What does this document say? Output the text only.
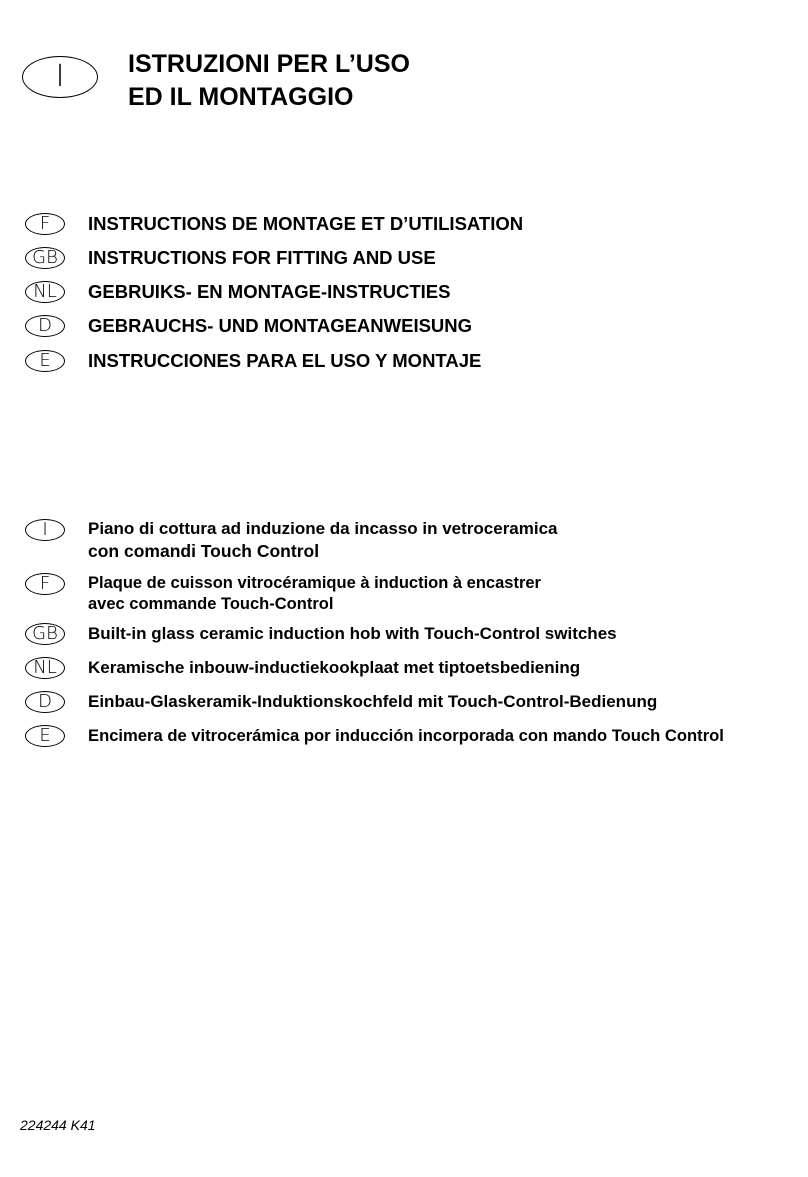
I	ISTRUZIONI PER L’USO
ED IL MONTAGGIO
F INSTRUCTIONS DE MONTAGE ET D’UTILISATION
GB INSTRUCTIONS FOR FITTING AND USE
NL GEBRUIKS- EN MONTAGE-INSTRUCTIES
D GEBRAUCHS- UND MONTAGEANWEISUNG
E INSTRUCCIONES PARA EL USO Y MONTAJE
I Piano di cottura ad induzione da incasso in vetroceramica
con comandi Touch Control
F Plaque de cuisson vitrocéramique à induction à encastrer
avec commande Touch-Control
GB Built-in glass ceramic induction hob with Touch-Control switches
NL Keramische inbouw-inductiekookplaat met tiptoetsbediening
D Einbau-Glaskeramik-Induktionskochfeld mit Touch-Control-Bedienung
E Encimera de vitrocerámica por inducción incorporada con mando Touch Control
224244 K41
